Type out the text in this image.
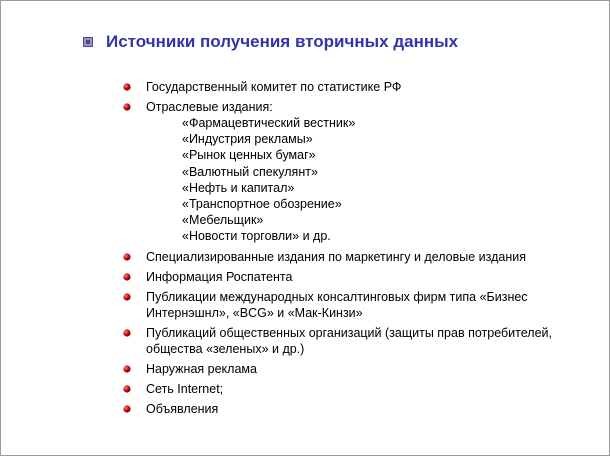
Источники получения вторичных данных
Государственный комитет по статистике РФ
Отраслевые издания:
«Фармацевтический вестник»
«Индустрия рекламы»
«Рынок ценных бумаг»
«Валютный спекулянт»
«Нефть и капитал»
«Транспортное обозрение»
«Мебельщик»
«Новости торговли» и др.
Специализированные издания по маркетингу и деловые издания
Информация Роспатента
Публикации международных консалтинговых фирм типа «Бизнес Интернэшнл», «BCG» и «Мак-Кинзи»
Публикаций общественных организаций (защиты прав потребителей, общества «зеленых» и др.)
Наружная реклама
Сеть Internet;
Объявления
